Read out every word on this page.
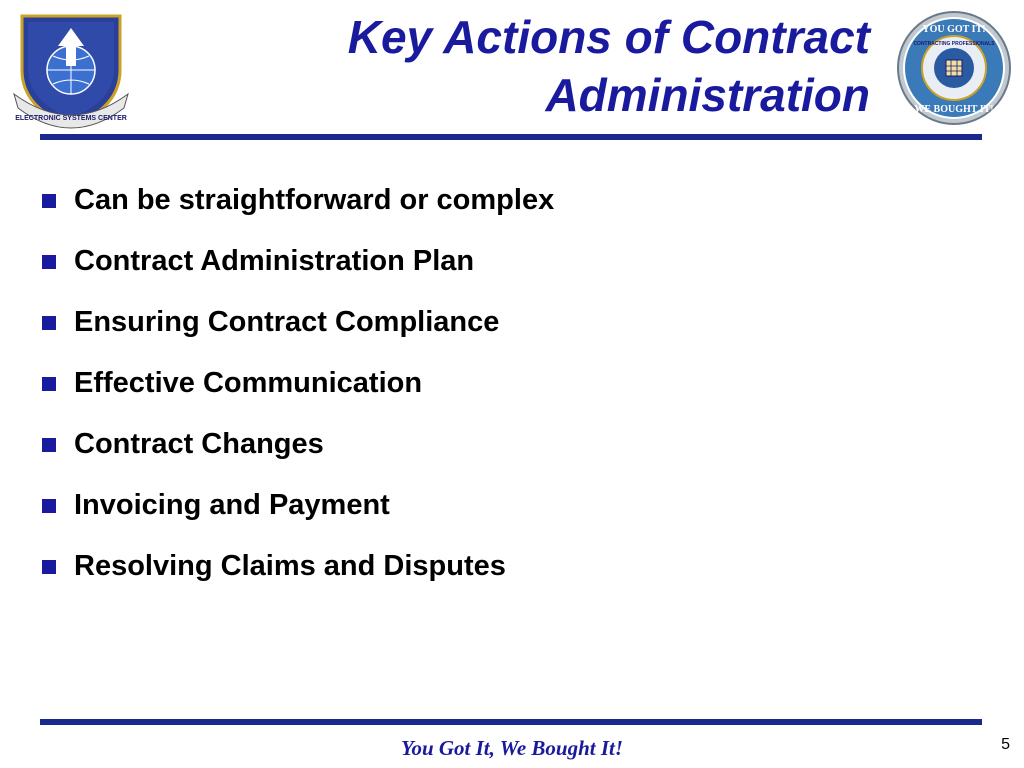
ELECTRONIC SYSTEMS CENTER
Key Actions of Contract
Administration
YOU GOT IT!
WE BOUGHT IT!
CONTRACTING PROFESSIONALS
Can be straightforward or complex
Contract Administration Plan
Ensuring Contract Compliance
Effective Communication
Contract Changes
Invoicing and Payment
Resolving Claims and Disputes
You Got It, We Bought It!	5
